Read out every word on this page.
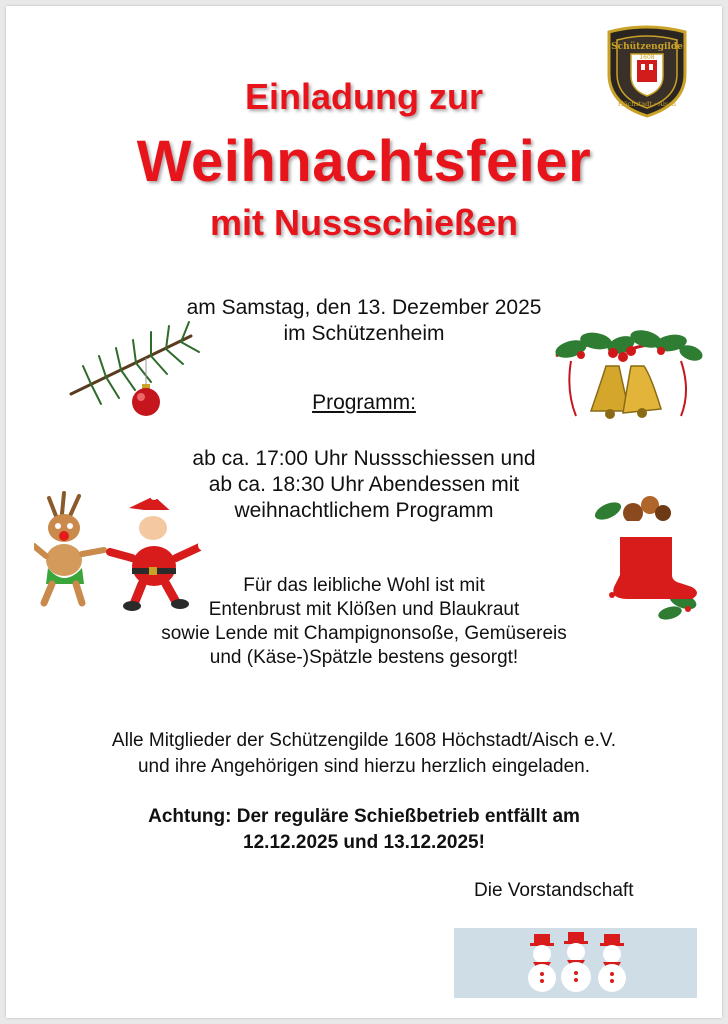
Schützengilde
1608
Höchstadt · Aisch
Einladung zur
Weihnachtsfeier
mit Nussschießen
am Samstag, den 13. Dezember 2025
im Schützenheim
Programm:
ab ca. 17:00 Uhr Nussschiessen und
ab ca. 18:30 Uhr Abendessen mit
weihnachtlichem Programm
Für das leibliche Wohl ist mit
Entenbrust mit Klößen und Blaukraut
sowie Lende mit Champignonsoße, Gemüsereis
und (Käse-)Spätzle bestens gesorgt!
Alle Mitglieder der Schützengilde 1608 Höchstadt/Aisch e.V.
und ihre Angehörigen sind hierzu herzlich eingeladen.
Achtung: Der reguläre Schießbetrieb entfällt am
12.12.2025 und 13.12.2025!
Die Vorstandschaft
